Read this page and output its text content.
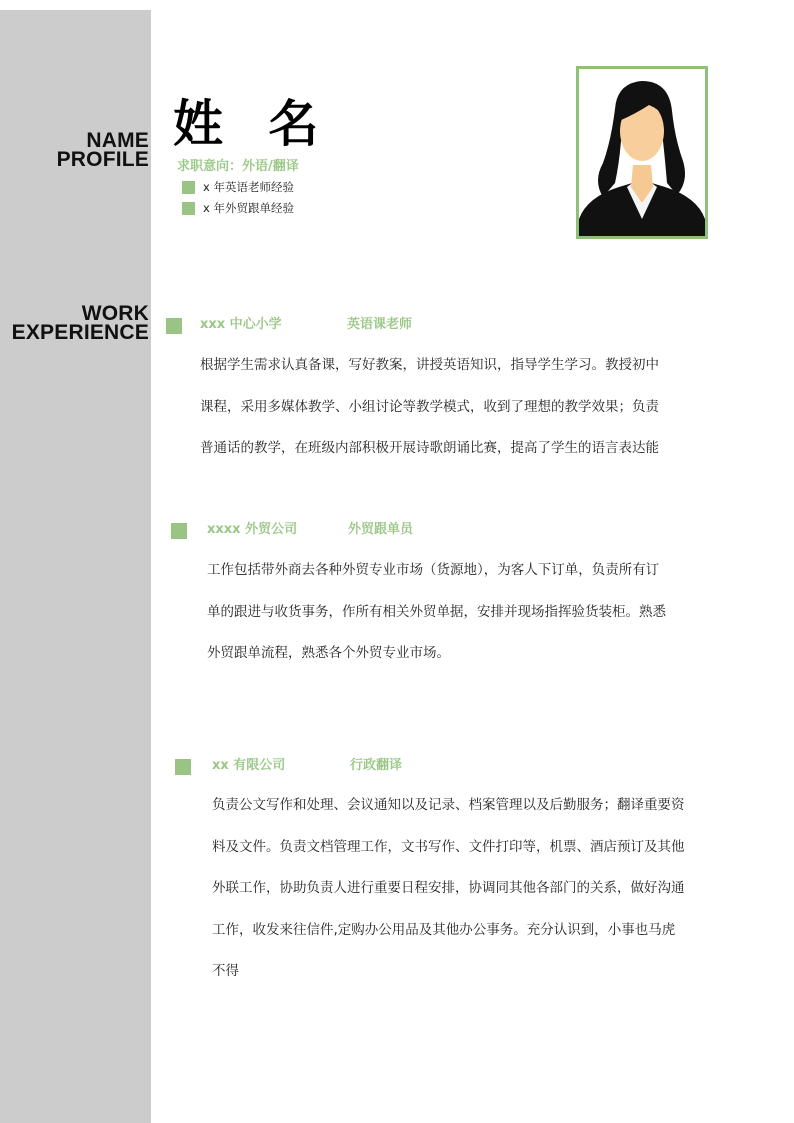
NAME
PROFILE
WORK
EXPERIENCE
姓 名
求职意向：外语/翻译
x 年英语老师经验
x 年外贸跟单经验
xxx 中心小学	英语课老师
根据学生需求认真备课，写好教案，讲授英语知识，指导学生学习。教授初中
课程，采用多媒体教学、小组讨论等教学模式，收到了理想的教学效果；负责
普通话的教学，在班级内部积极开展诗歌朗诵比赛，提高了学生的语言表达能
xxxx 外贸公司	外贸跟单员
工作包括带外商去各种外贸专业市场（货源地），为客人下订单，负责所有订
单的跟进与收货事务，作所有相关外贸单据，安排并现场指挥验货装柜。熟悉
外贸跟单流程，熟悉各个外贸专业市场。
xx 有限公司	行政翻译
负责公文写作和处理、会议通知以及记录、档案管理以及后勤服务；翻译重要资
料及文件。负责文档管理工作，文书写作、文件打印等，机票、酒店预订及其他
外联工作，协助负责人进行重要日程安排，协调同其他各部门的关系，做好沟通
工作，收发来往信件,定购办公用品及其他办公事务。充分认识到，小事也马虎
不得
